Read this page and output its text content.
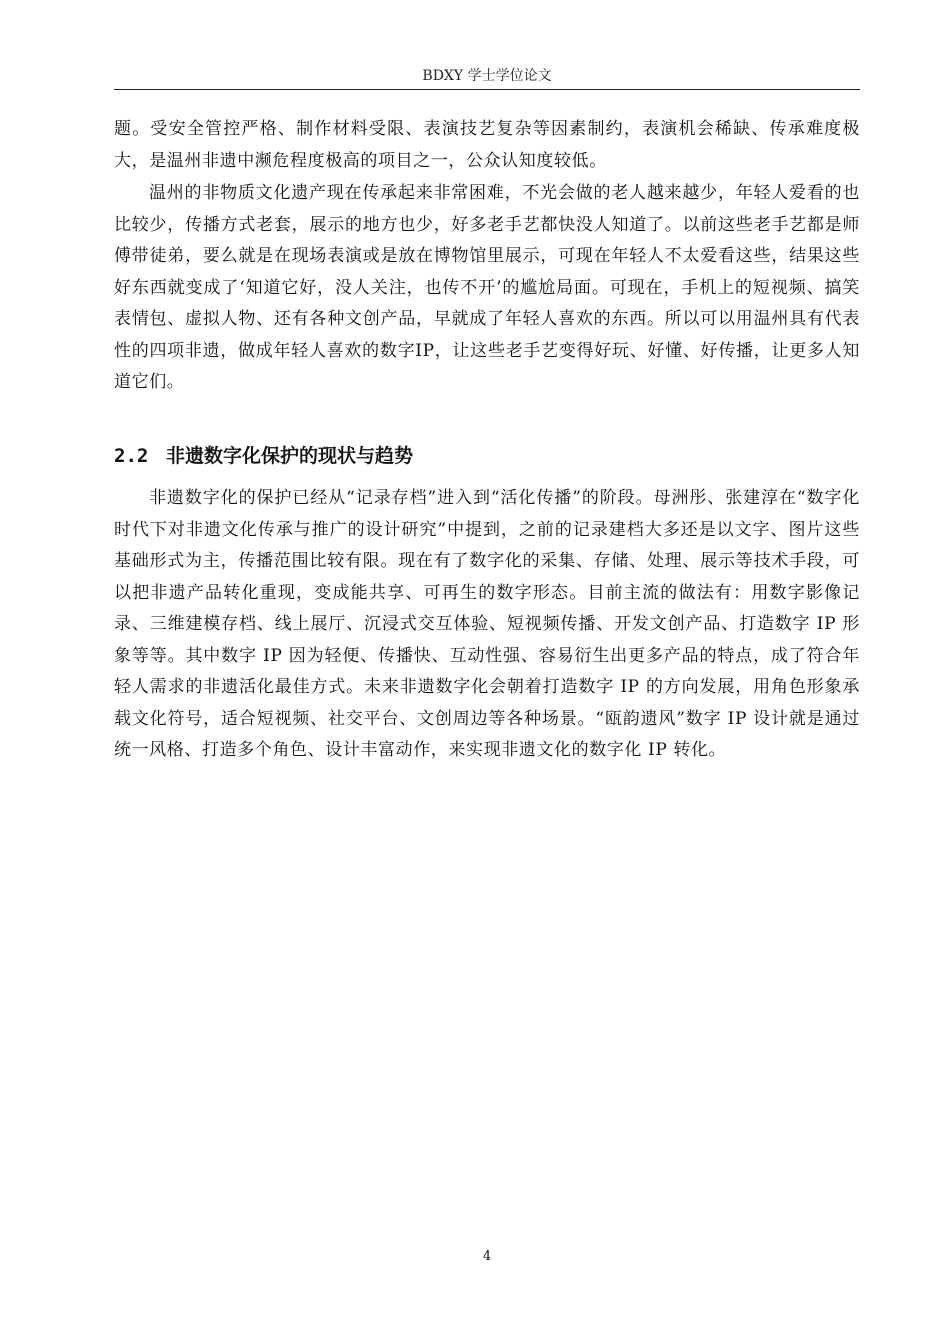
BDXY 学士学位论文

题。受安全管控严格、制作材料受限、表演技艺复杂等因素制约，表演机会稀缺、传承难度极大，是温州非遗中濒危程度极高的项目之一，公众认知度较低。

温州的非物质文化遗产现在传承起来非常困难，不光会做的老人越来越少，年轻人爱看的也比较少，传播方式老套，展示的地方也少，好多老手艺都快没人知道了。以前这些老手艺都是师傅带徒弟，要么就是在现场表演或是放在博物馆里展示，可现在年轻人不太爱看这些，结果这些好东西就变成了‘知道它好，没人关注，也传不开’的尴尬局面。可现在，手机上的短视频、搞笑表情包、虚拟人物、还有各种文创产品，早就成了年轻人喜欢的东西。所以可以用温州具有代表性的四项非遗，做成年轻人喜欢的数字IP，让这些老手艺变得好玩、好懂、好传播，让更多人知道它们。

2.2 非遗数字化保护的现状与趋势

非遗数字化的保护已经从“记录存档”进入到“活化传播”的阶段。母洲彤、张建淳在“数字化时代下对非遗文化传承与推广的设计研究”中提到，之前的记录建档大多还是以文字、图片这些基础形式为主，传播范围比较有限。现在有了数字化的采集、存储、处理、展示等技术手段，可以把非遗产品转化重现，变成能共享、可再生的数字形态。目前主流的做法有：用数字影像记录、三维建模存档、线上展厅、沉浸式交互体验、短视频传播、开发文创产品、打造数字 IP 形象等等。其中数字 IP 因为轻便、传播快、互动性强、容易衍生出更多产品的特点，成了符合年轻人需求的非遗活化最佳方式。未来非遗数字化会朝着打造数字 IP 的方向发展，用角色形象承载文化符号，适合短视频、社交平台、文创周边等各种场景。“瓯韵遗风”数字 IP 设计就是通过统一风格、打造多个角色、设计丰富动作，来实现非遗文化的数字化 IP 转化。

4
